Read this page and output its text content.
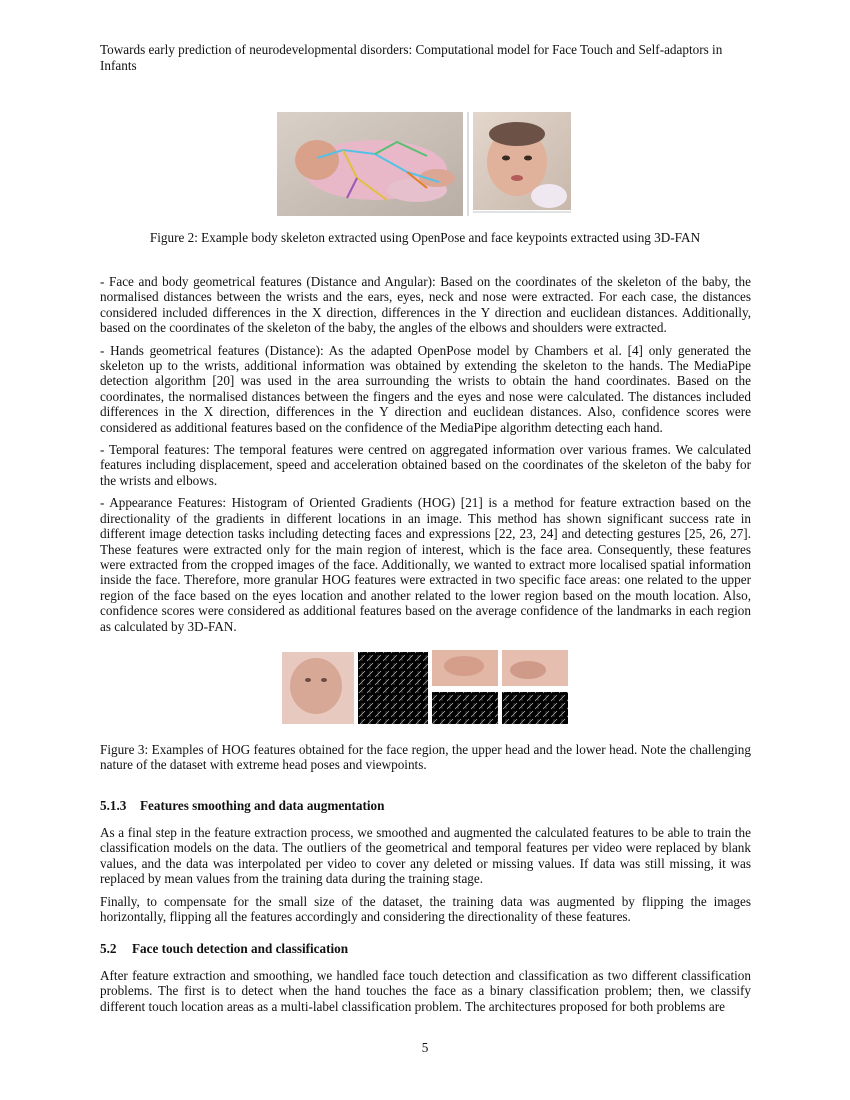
Towards early prediction of neurodevelopmental disorders: Computational model for Face Touch and Self-adaptors in Infants
Figure 2: Example body skeleton extracted using OpenPose and face keypoints extracted using 3D-FAN

- Face and body geometrical features (Distance and Angular): Based on the coordinates of the skeleton of the baby, the normalised distances between the wrists and the ears, eyes, neck and nose were extracted. For each case, the distances considered included differences in the X direction, differences in the Y direction and euclidean distances. Additionally, based on the coordinates of the skeleton of the baby, the angles of the elbows and shoulders were extracted.

- Hands geometrical features (Distance): As the adapted OpenPose model by Chambers et al. [4] only generated the skeleton up to the wrists, additional information was obtained by extending the skeleton to the hands. The MediaPipe detection algorithm [20] was used in the area surrounding the wrists to obtain the hand coordinates. Based on the coordinates, the normalised distances between the fingers and the eyes and nose were calculated. The distances included differences in the X direction, differences in the Y direction and euclidean distances. Also, confidence scores were considered as additional features based on the confidence of the MediaPipe algorithm detecting each hand.

- Temporal features: The temporal features were centred on aggregated information over various frames. We calculated features including displacement, speed and acceleration obtained based on the coordinates of the skeleton of the baby for the wrists and elbows.

- Appearance Features: Histogram of Oriented Gradients (HOG) [21] is a method for feature extraction based on the directionality of the gradients in different locations in an image. This method has shown significant success rate in different image detection tasks including detecting faces and expressions [22, 23, 24] and detecting gestures [25, 26, 27]. These features were extracted only for the main region of interest, which is the face area. Consequently, these features were extracted from the cropped images of the face. Additionally, we wanted to extract more localised spatial information inside the face. Therefore, more granular HOG features were extracted in two specific face areas: one related to the upper region of the face based on the eyes location and another related to the lower region based on the mouth location. Also, confidence scores were considered as additional features based on the average confidence of the landmarks in each region as calculated by 3D-FAN.

Figure 3: Examples of HOG features obtained for the face region, the upper head and the lower head. Note the challenging nature of the dataset with extreme head poses and viewpoints.
5.1.3 Features smoothing and data augmentation

As a final step in the feature extraction process, we smoothed and augmented the calculated features to be able to train the classification models on the data. The outliers of the geometrical and temporal features per video were replaced by blank values, and the data was interpolated per video to cover any deleted or missing values. If data was still missing, it was replaced by mean values from the training data during the training stage.

Finally, to compensate for the small size of the dataset, the training data was augmented by flipping the images horizontally, flipping all the features accordingly and considering the directionality of these features.

5.2 Face touch detection and classification

After feature extraction and smoothing, we handled face touch detection and classification as two different classification problems. The first is to detect when the hand touches the face as a binary classification problem; then, we classify different touch location areas as a multi-label classification problem. The architectures proposed for both problems are

5
